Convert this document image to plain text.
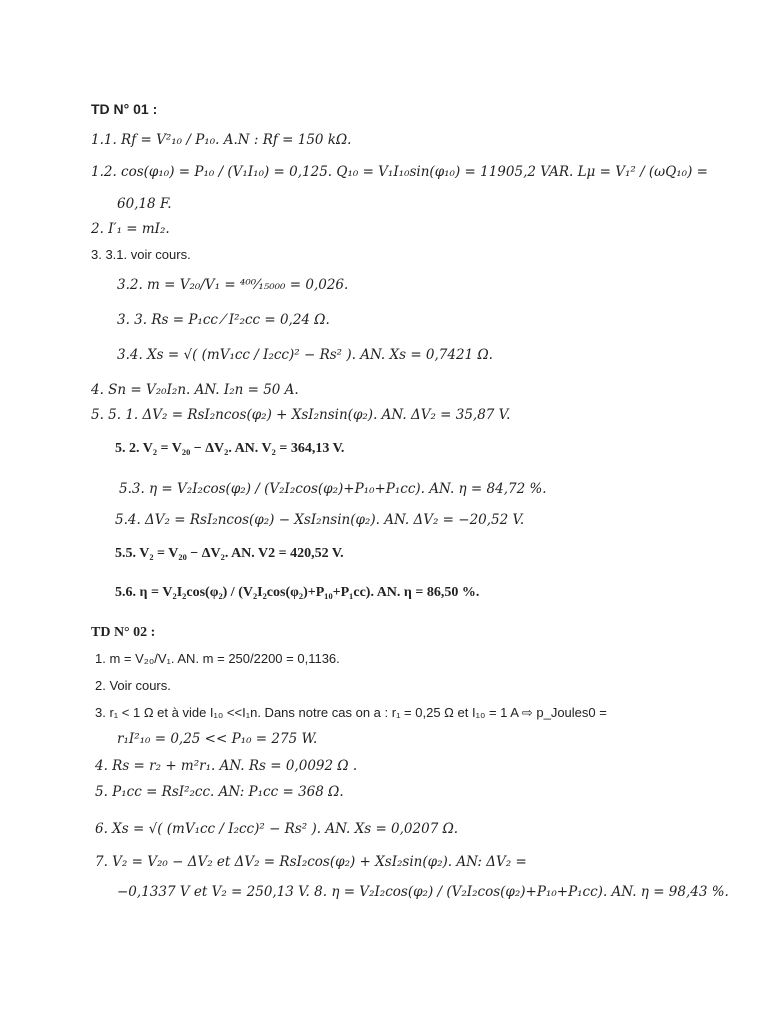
TD N° 01 :
1.1. Rf = V²₁₀ / P₁₀. A.N : Rf = 150 kΩ.
1.2. cos(φ₁₀) = P₁₀ / (V₁I₁₀) = 0,125. Q₁₀ = V₁I₁₀sin(φ₁₀) = 11905,2 VAR. Lμ = V₁² / (ωQ₁₀) =
60,18 F.
2. I′₁ = mI₂.
3. 3.1. voir cours.
3.2. m = V₂₀/V₁ = ⁴⁰⁰⁄₁₅₀₀₀ = 0,026.
3. 3. Rs = P₁cc ⁄ I²₂cc = 0,24 Ω.
3.4. Xs = √( (mV₁cc / I₂cc)² − Rs² ). AN. Xs = 0,7421 Ω.
4. Sn = V₂₀I₂n. AN. I₂n = 50 A.
5. 5. 1. ΔV₂ = RsI₂ncos(φ₂) + XsI₂nsin(φ₂). AN. ΔV₂ = 35,87 V.
5. 2. V₂ = V₂₀ − ΔV₂. AN. V₂ = 364,13 V.
5.3. η = V₂I₂cos(φ₂) / (V₂I₂cos(φ₂)+P₁₀+P₁cc). AN. η = 84,72 %.
5.4. ΔV₂ = RsI₂ncos(φ₂) − XsI₂nsin(φ₂). AN. ΔV₂ = −20,52 V.
5.5. V₂ = V₂₀ − ΔV₂. AN. V2 = 420,52 V.
5.6. η = V₂I₂cos(φ₂) / (V₂I₂cos(φ₂)+P₁₀+P₁cc). AN. η = 86,50 %.
TD N° 02 :
1. m = V₂₀/V₁. AN. m = 250/2200 = 0,1136.
2. Voir cours.
3. r₁ < 1 Ω et à vide I₁₀ <<I₁n. Dans notre cas on a : r₁ = 0,25 Ω et I₁₀ = 1 A ⇨ p_Joules0 =
r₁I²₁₀ = 0,25 << P₁₀ = 275 W.
4. Rs = r₂ + m²r₁. AN. Rs = 0,0092 Ω .
5. P₁cc = RsI²₂cc. AN: P₁cc = 368 Ω.
6. Xs = √( (mV₁cc / I₂cc)² − Rs² ). AN. Xs = 0,0207 Ω.
7. V₂ = V₂₀ − ΔV₂ et ΔV₂ = RsI₂cos(φ₂) + XsI₂sin(φ₂). AN: ΔV₂ =
−0,1337 V et V₂ = 250,13 V. 8. η = V₂I₂cos(φ₂) / (V₂I₂cos(φ₂)+P₁₀+P₁cc). AN. η = 98,43 %.
